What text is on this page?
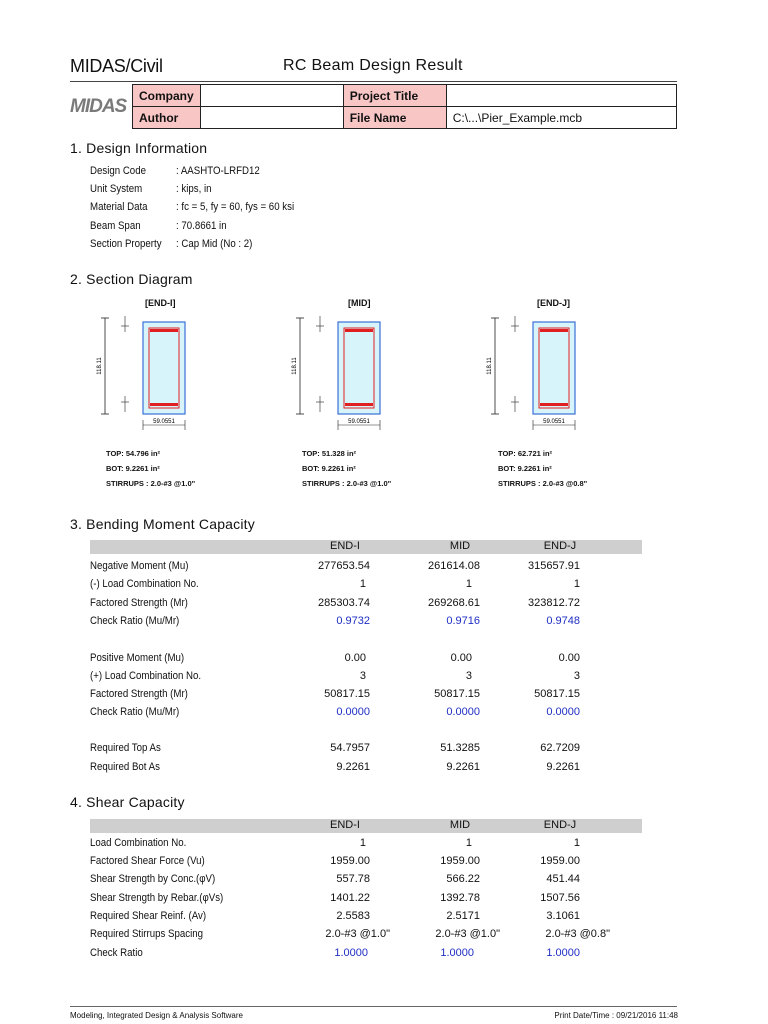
MIDAS/Civil	RC Beam Design Result
MIDAS	Company		Project Title	
	Author		File Name	C:\...\Pier_Example.mcb
1. Design Information
Design Code	: AASHTO-LRFD12
Unit System	: kips, in
Material Data	: fc = 5, fy = 60, fys = 60 ksi
Beam Span	: 70.8661 in
Section Property : Cap Mid (No : 2)
2. Section Diagram
[END-I]
118.11
59.0551
TOP: 54.796 in²
BOT: 9.2261 in²
STIRRUPS : 2.0-#3 @1.0"
[MID]
118.11
59.0551
TOP: 51.328 in²
BOT: 9.2261 in²
STIRRUPS : 2.0-#3 @1.0"
[END-J]
118.11
59.0551
TOP: 62.721 in²
BOT: 9.2261 in²
STIRRUPS : 2.0-#3 @0.8"
3. Bending Moment Capacity
END-I	MID	END-J
Negative Moment (Mu)	277653.54	261614.08	315657.91
(-) Load Combination No.	1	1	1
Factored Strength (Mr)	285303.74	269268.61	323812.72
Check Ratio (Mu/Mr)	0.9732	0.9716	0.9748
Positive Moment (Mu)	0.00	0.00	0.00
(+) Load Combination No.	3	3	3
Factored Strength (Mr)	50817.15	50817.15	50817.15
Check Ratio (Mu/Mr)	0.0000	0.0000	0.0000
Required Top As	54.7957	51.3285	62.7209
Required Bot As	9.2261	9.2261	9.2261
4. Shear Capacity
END-I	MID	END-J
Load Combination No.	1	1	1
Factored Shear Force (Vu)	1959.00	1959.00	1959.00
Shear Strength by Conc.(φV)	557.78	566.22	451.44
Shear Strength by Rebar.(φVs)	1401.22	1392.78	1507.56
Required Shear Reinf. (Av)	2.5583	2.5171	3.1061
Required Stirrups Spacing	2.0-#3 @1.0"	2.0-#3 @1.0"	2.0-#3 @0.8"
Check Ratio	1.0000	1.0000	1.0000
Modeling, Integrated Design & Analysis Software	Print Date/Time : 09/21/2016 11:48
